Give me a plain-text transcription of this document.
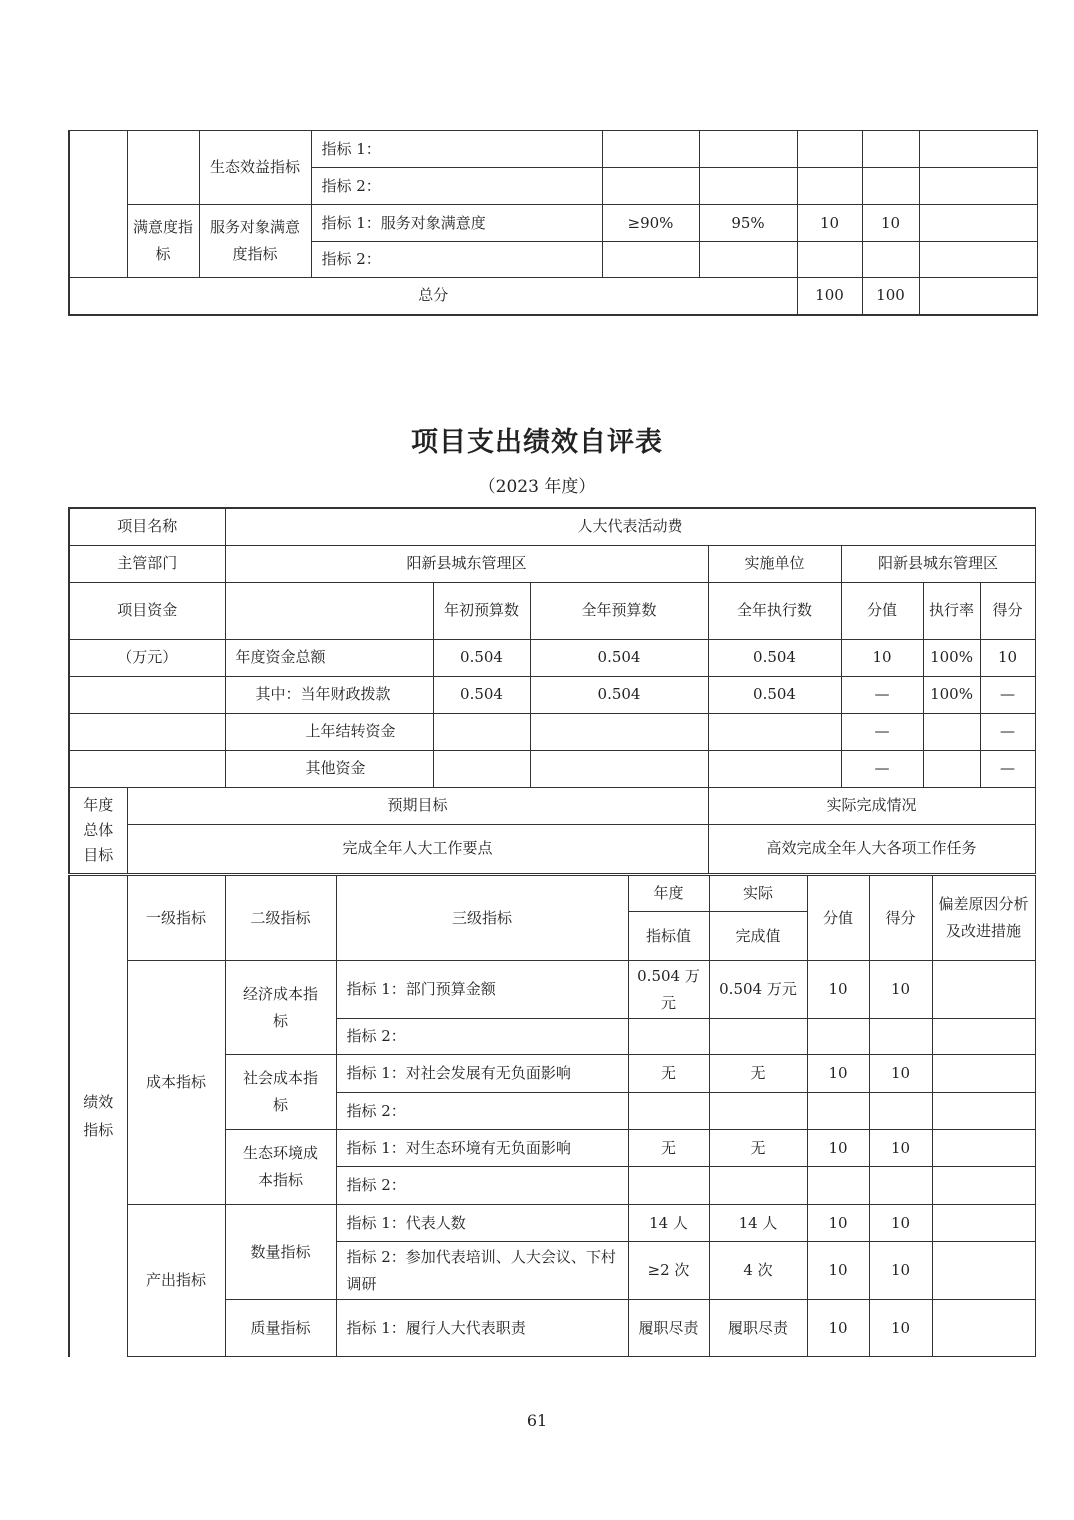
		生态效益指标	指标 1：					
			指标 2：					
	满意度指标	服务对象满意度指标	指标 1：服务对象满意度	≥90%	95%	10	10	
			指标 2：					
总分						100	100	
项目支出绩效自评表
（2023 年度）
项目名称		人大代表活动费						
主管部门		阳新县城东管理区			实施单位	阳新县城东管理区		
项目资金			年初预算数	全年预算数	全年执行数	分值	执行率	得分
（万元）		年度资金总额	0.504	0.504	0.504	10	100%	10
		其中：当年财政拨款	0.504	0.504	0.504	—	100%	—
		上年结转资金				—		—
		其他资金				—		—
年度总体目标	预期目标				实际完成情况			
	完成全年人大工作要点				高效完成全年人大各项工作任务			
绩效指标	一级指标	二级指标	三级指标	年度	实际	分值	得分	偏差原因分析及改进措施
				指标值	完成值			
	成本指标	经济成本指标	指标 1：部门预算金额	0.504 万元	0.504 万元	10	10	
			指标 2：					
		社会成本指标	指标 1：对社会发展有无负面影响	无	无	10	10	
			指标 2：					
		生态环境成本指标	指标 1：对生态环境有无负面影响	无	无	10	10	
			指标 2：					
	产出指标	数量指标	指标 1：代表人数	14 人	14 人	10	10	
			指标 2：参加代表培训、人大会议、下村调研	≥2 次	4 次	10	10	
		质量指标	指标 1：履行人大代表职责	履职尽责	履职尽责	10	10	
61
